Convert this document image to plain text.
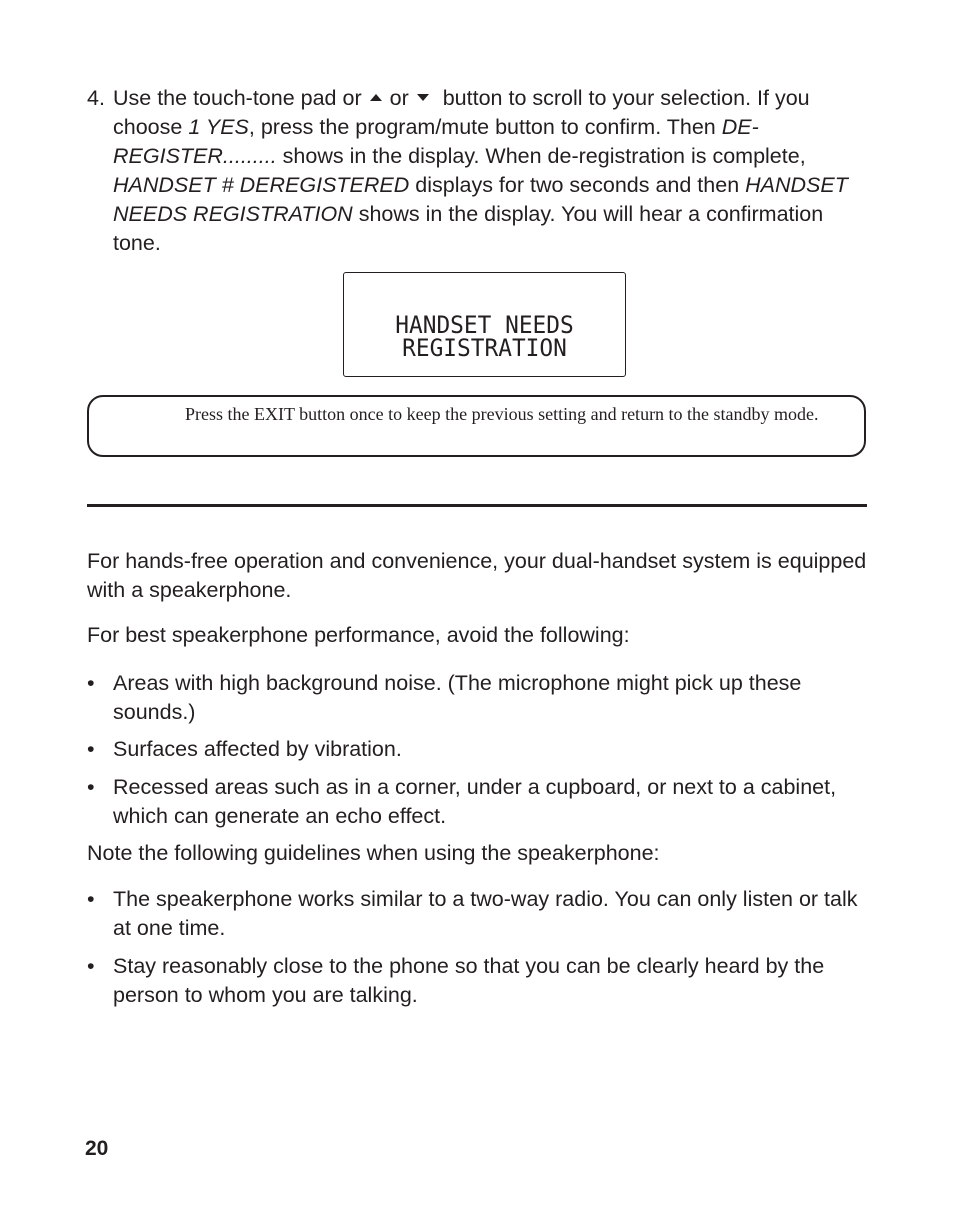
4. Use the touch-tone pad or or button to scroll to your selection. If you choose 1 YES, press the program/mute button to confirm. Then DE-REGISTER......... shows in the display. When de-registration is complete, HANDSET # DEREGISTERED displays for two seconds and then HANDSET NEEDS REGISTRATION shows in the display. You will hear a confirmation tone.
HANDSET NEEDS
REGISTRATION
Press the EXIT button once to keep the previous setting and return to the standby mode.
For hands-free operation and convenience, your dual-handset system is equipped with a speakerphone.
For best speakerphone performance, avoid the following:
• Areas with high background noise. (The microphone might pick up these sounds.)
• Surfaces affected by vibration.
• Recessed areas such as in a corner, under a cupboard, or next to a cabinet, which can generate an echo effect.
Note the following guidelines when using the speakerphone:
• The speakerphone works similar to a two-way radio. You can only listen or talk at one time.
• Stay reasonably close to the phone so that you can be clearly heard by the person to whom you are talking.
20
